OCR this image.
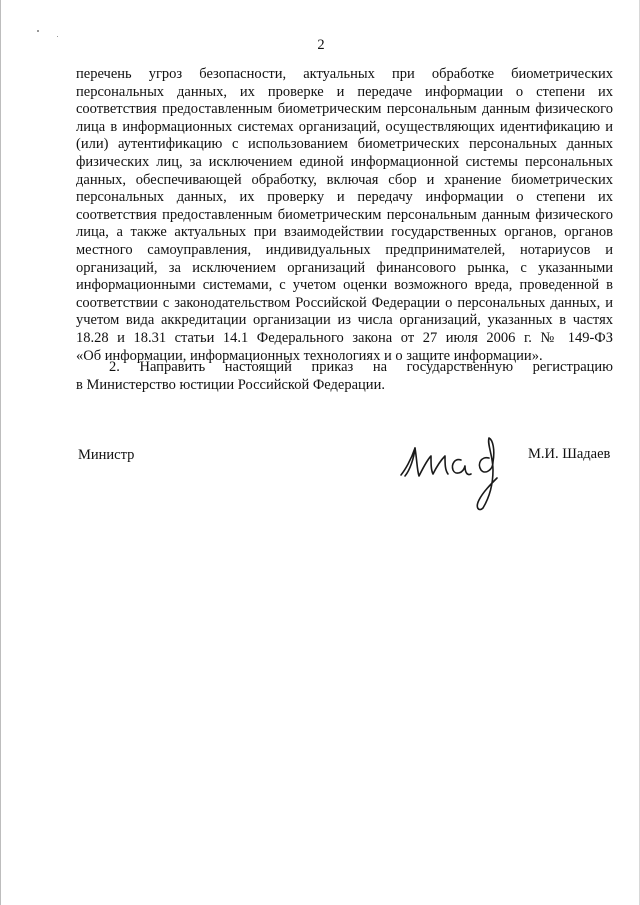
2
перечень угроз безопасности, актуальных при обработке биометрических
персональных данных, их проверке и передаче информации о степени их
соответствия предоставленным биометрическим персональным данным физического
лица в информационных системах организаций, осуществляющих идентификацию и
(или) аутентификацию с использованием биометрических персональных данных
физических лиц, за исключением единой информационной системы персональных
данных, обеспечивающей обработку, включая сбор и хранение биометрических
персональных данных, их проверку и передачу информации о степени их
соответствия предоставленным биометрическим персональным данным физического
лица, а также актуальных при взаимодействии государственных органов, органов
местного самоуправления, индивидуальных предпринимателей, нотариусов и
организаций, за исключением организаций финансового рынка, с указанными
информационными системами, с учетом оценки возможного вреда, проведенной в
соответствии с законодательством Российской Федерации о персональных данных, и
учетом вида аккредитации организации из числа организаций, указанных в частях
18.28 и 18.31 статьи 14.1 Федерального закона от 27 июля 2006 г. № 149-ФЗ
«Об информации, информационных технологиях и о защите информации».
2. Направить настоящий приказ на государственную регистрацию
в Министерство юстиции Российской Федерации.
Министр	М.И. Шадаев
